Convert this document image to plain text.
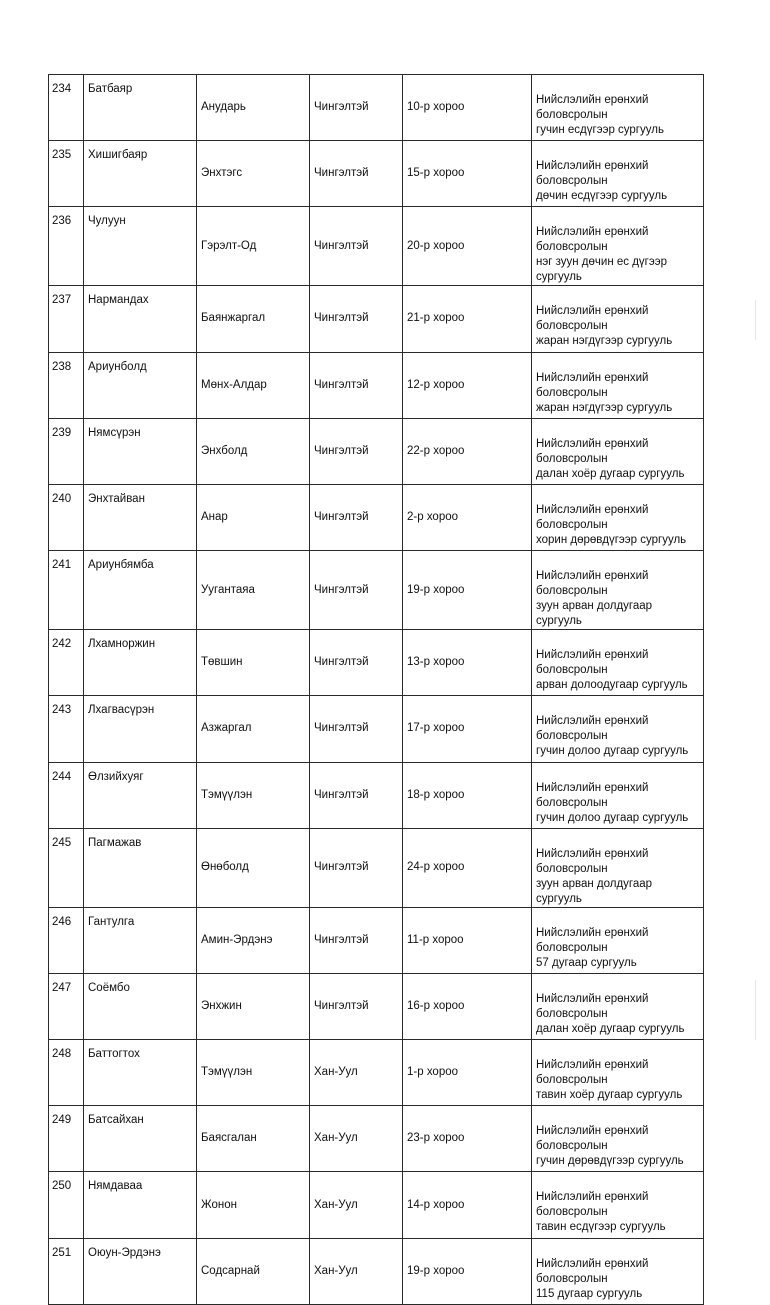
234	Батбаяр	Анударь	Чингэлтэй	10-р хороо	Нийслэлийн ерөнхий боловсролын
гучин есдүгээр сургууль

235	Хишигбаяр	Энхтэгс	Чингэлтэй	15-р хороо	Нийслэлийн ерөнхий боловсролын
дөчин есдүгээр сургууль

236	Чулуун	Гэрэлт-Од	Чингэлтэй	20-р хороо	Нийслэлийн ерөнхий боловсролын
нэг зуун дөчин ес дүгээр сургууль

237	Нармандах	Баянжаргал	Чингэлтэй	21-р хороо	Нийслэлийн ерөнхий боловсролын
жаран нэгдүгээр сургууль

238	Ариунболд	Мөнх-Алдар	Чингэлтэй	12-р хороо	Нийслэлийн ерөнхий боловсролын
жаран нэгдүгээр сургууль

239	Нямсүрэн	Энхболд	Чингэлтэй	22-р хороо	Нийслэлийн ерөнхий боловсролын
далан хоёр дугаар сургууль

240	Энхтайван	Анар	Чингэлтэй	2-р хороо	Нийслэлийн ерөнхий боловсролын
хорин дөрөвдүгээр сургууль

241	Ариунбямба	Уугантаяа	Чингэлтэй	19-р хороо	Нийслэлийн ерөнхий боловсролын
зуун арван долдугаар сургууль

242	Лхамноржин	Төвшин	Чингэлтэй	13-р хороо	Нийслэлийн ерөнхий боловсролын
арван долоодугаар сургууль

243	Лхагвасүрэн	Азжаргал	Чингэлтэй	17-р хороо	Нийслэлийн ерөнхий боловсролын
гучин долоо дугаар сургууль

244	Өлзийхуяг	Тэмүүлэн	Чингэлтэй	18-р хороо	Нийслэлийн ерөнхий боловсролын
гучин долоо дугаар сургууль

245	Пагмажав	Өнөболд	Чингэлтэй	24-р хороо	Нийслэлийн ерөнхий боловсролын
зуун арван долдугаар сургууль

246	Гантулга	Амин-Эрдэнэ	Чингэлтэй	11-р хороо	Нийслэлийн ерөнхий боловсролын
57 дугаар сургууль

247	Соёмбо	Энхжин	Чингэлтэй	16-р хороо	Нийслэлийн ерөнхий боловсролын
далан хоёр дугаар сургууль

248	Баттогтох	Тэмүүлэн	Хан-Уул	1-р хороо	Нийслэлийн ерөнхий боловсролын
тавин хоёр дугаар сургууль

249	Батсайхан	Баясгалан	Хан-Уул	23-р хороо	Нийслэлийн ерөнхий боловсролын
гучин дөрөвдүгээр сургууль

250	Нямдаваа	Жонон	Хан-Уул	14-р хороо	Нийслэлийн ерөнхий боловсролын
тавин есдүгээр сургууль

251	Оюун-Эрдэнэ	Содсарнай	Хан-Уул	19-р хороо	Нийслэлийн ерөнхий боловсролын
115 дугаар сургууль
